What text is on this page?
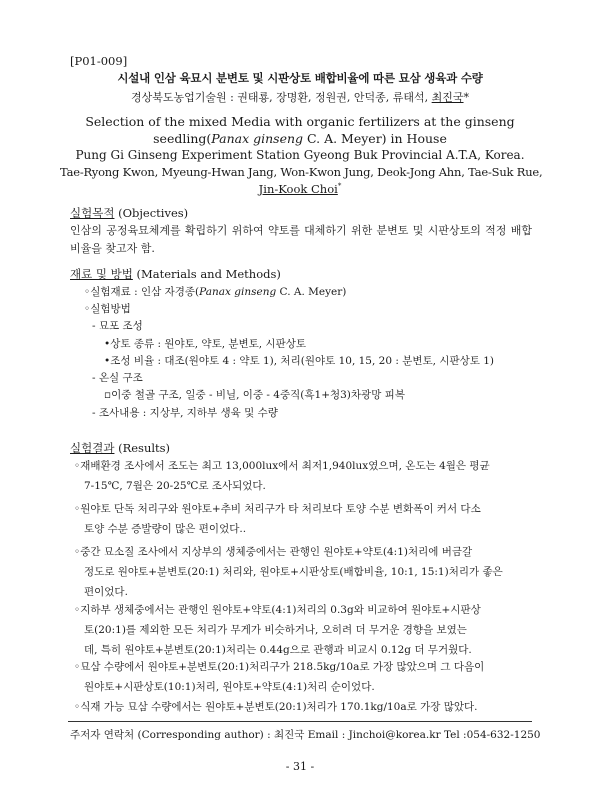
[P01-009]
시설내 인삼 육묘시 분변토 및 시판상토 배합비율에 따른 묘삼 생육과 수량
경상북도농업기술원 : 권태룡, 장명환, 정원권, 안덕종, 류태석, 최진국*
Selection of the mixed Media with organic fertilizers at the ginseng
seedling(Panax ginseng C. A. Meyer) in House
Pung Gi Ginseng Experiment Station Gyeong Buk Provincial A.T.A, Korea.
Tae-Ryong Kwon, Myeung-Hwan Jang, Won-Kwon Jung, Deok-Jong Ahn, Tae-Suk Rue,
Jin-Kook Choi*
실험목적 (Objectives)
인삼의 공정육묘체계를 확립하기 위하여 약토를 대체하기 위한 분변토 및 시판상토의 적정 배합비율을 찾고자 함.
재료 및 방법 (Materials and Methods)
◦실험재료 : 인삼 자경종(Panax ginseng C. A. Meyer)
◦실험방법
- 묘포 조성
•상토 종류 : 원야토, 약토, 분변토, 시판상토
•조성 비율 : 대조(원야토 4 : 약토 1), 처리(원야토 10, 15, 20 : 분변토, 시판상토 1)
- 온실 구조
▫이중 철골 구조, 일중 - 비닐, 이중 - 4중직(흑1+청3)차광망 피복
- 조사내용 : 지상부, 지하부 생육 및 수량
실험결과 (Results)
◦재배환경 조사에서 조도는 최고 13,000lux에서 최저1,940lux였으며, 온도는 4월은 평균
7-15℃, 7월은 20-25℃로 조사되었다.
◦원야토 단독 처리구와 원야토+추비 처리구가 타 처리보다 토양 수분 변화폭이 커서 다소
토양 수분 증발량이 많은 편이었다..
◦중간 묘소질 조사에서 지상부의 생체중에서는 관행인 원야토+약토(4:1)처리에 버금갈
정도로 원야토+분변토(20:1) 처리와, 원야토+시판상토(배합비율, 10:1, 15:1)처리가 좋은
편이었다.
◦지하부 생체중에서는 관행인 원야토+약토(4:1)처리의 0.3g와 비교하여 원야토+시판상
토(20:1)를 제외한 모든 처리가 무게가 비슷하거나, 오히려 더 무거운 경향을 보였는
데, 특히 원야토+분변토(20:1)처리는 0.44g으로 관행과 비교시 0.12g 더 무거웠다.
◦묘삼 수량에서 원야토+분변토(20:1)처리구가 218.5kg/10a로 가장 많았으며 그 다음이
원야토+시판상토(10:1)처리, 원야토+약토(4:1)처리 순이었다.
◦식재 가능 묘삼 수량에서는 원야토+분변토(20:1)처리가 170.1kg/10a로 가장 많았다.
주저자 연락처 (Corresponding author) : 최진국 Email : Jinchoi@korea.kr Tel :054-632-1250
- 31 -
